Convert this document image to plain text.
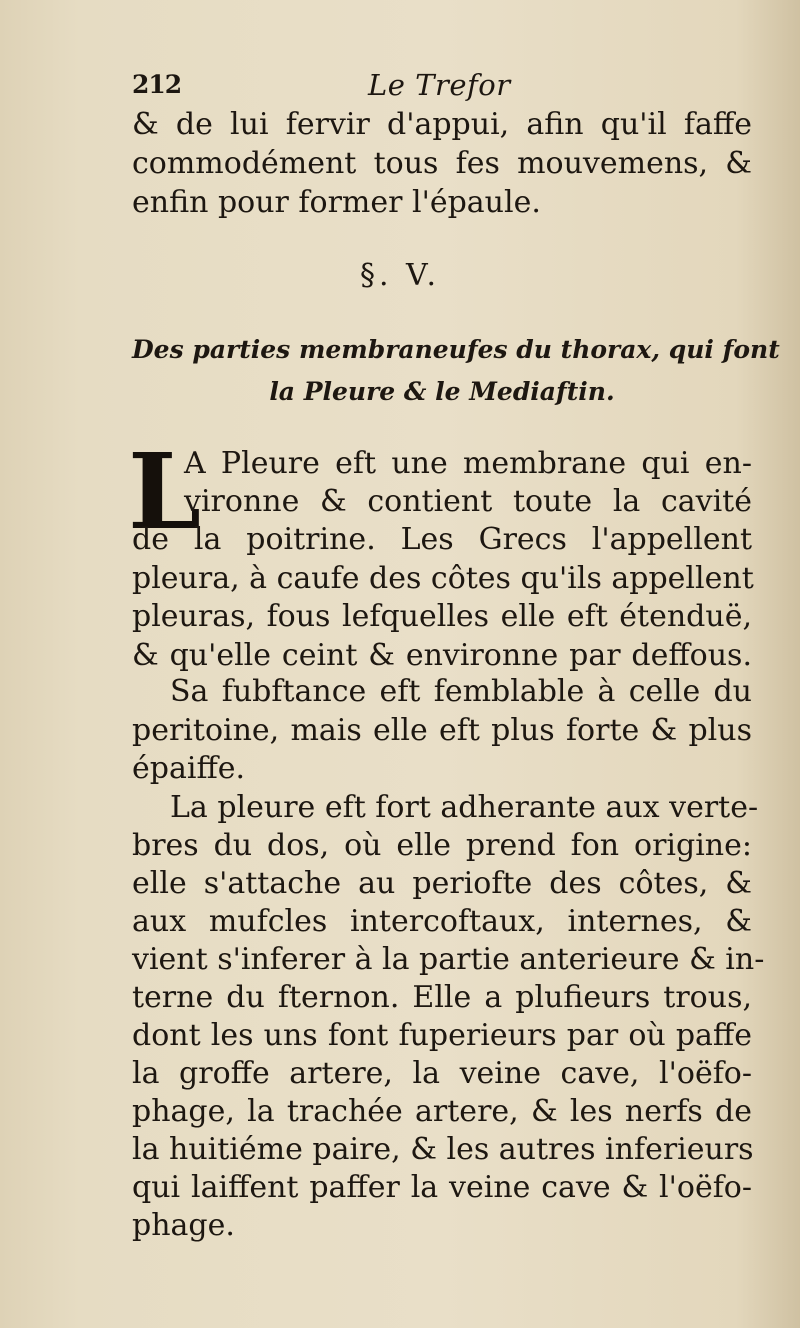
212	Le Trefor
& de lui fervir d'appui, afin qu'il faffe
commodément tous fes mouvemens, &
enfin pour former l'épaule.
§. V.
Des parties membraneufes du thorax, qui font
la Pleure & le Mediaftin.
L
A Pleure eft une membrane qui en-
vironne & contient toute la cavité
de la poitrine. Les Grecs l'appellent
pleura, à caufe des côtes qu'ils appellent
pleuras, fous lefquelles elle eft étenduë,
& qu'elle ceint & environne par deffous.
Sa fubftance eft femblable à celle du
peritoine, mais elle eft plus forte & plus
épaiffe.
La pleure eft fort adherante aux verte-
bres du dos, où elle prend fon origine:
elle s'attache au periofte des côtes, &
aux mufcles intercoftaux, internes, &
vient s'inferer à la partie anterieure & in-
terne du fternon. Elle a plufieurs trous,
dont les uns font fuperieurs par où paffe
la groffe artere, la veine cave, l'oëfo-
phage, la trachée artere, & les nerfs de
la huitiéme paire, & les autres inferieurs
qui laiffent paffer la veine cave & l'oëfo-
phage.
